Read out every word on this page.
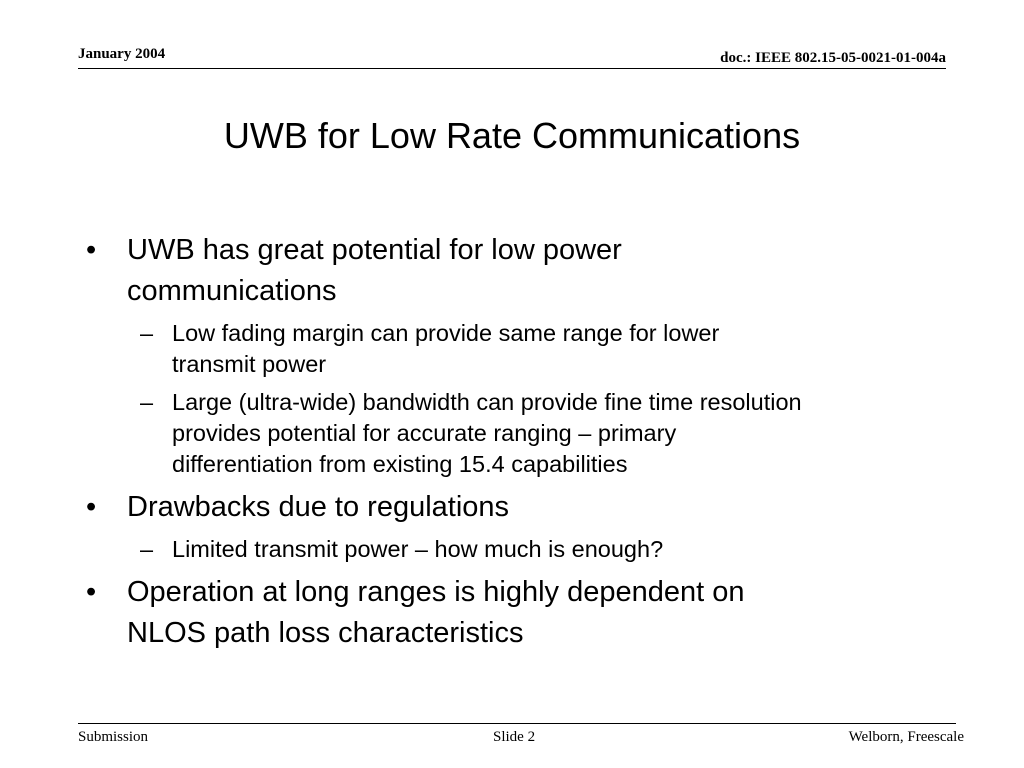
January 2004	doc.: IEEE 802.15-05-0021-01-004a
UWB for Low Rate Communications
• UWB has great potential for low power
communications
– Low fading margin can provide same range for lower
transmit power
– Large (ultra-wide) bandwidth can provide fine time resolution
provides potential for accurate ranging – primary
differentiation from existing 15.4 capabilities
• Drawbacks due to regulations
– Limited transmit power – how much is enough?
• Operation at long ranges is highly dependent on
NLOS path loss characteristics
Submission	Slide 2	Welborn, Freescale
